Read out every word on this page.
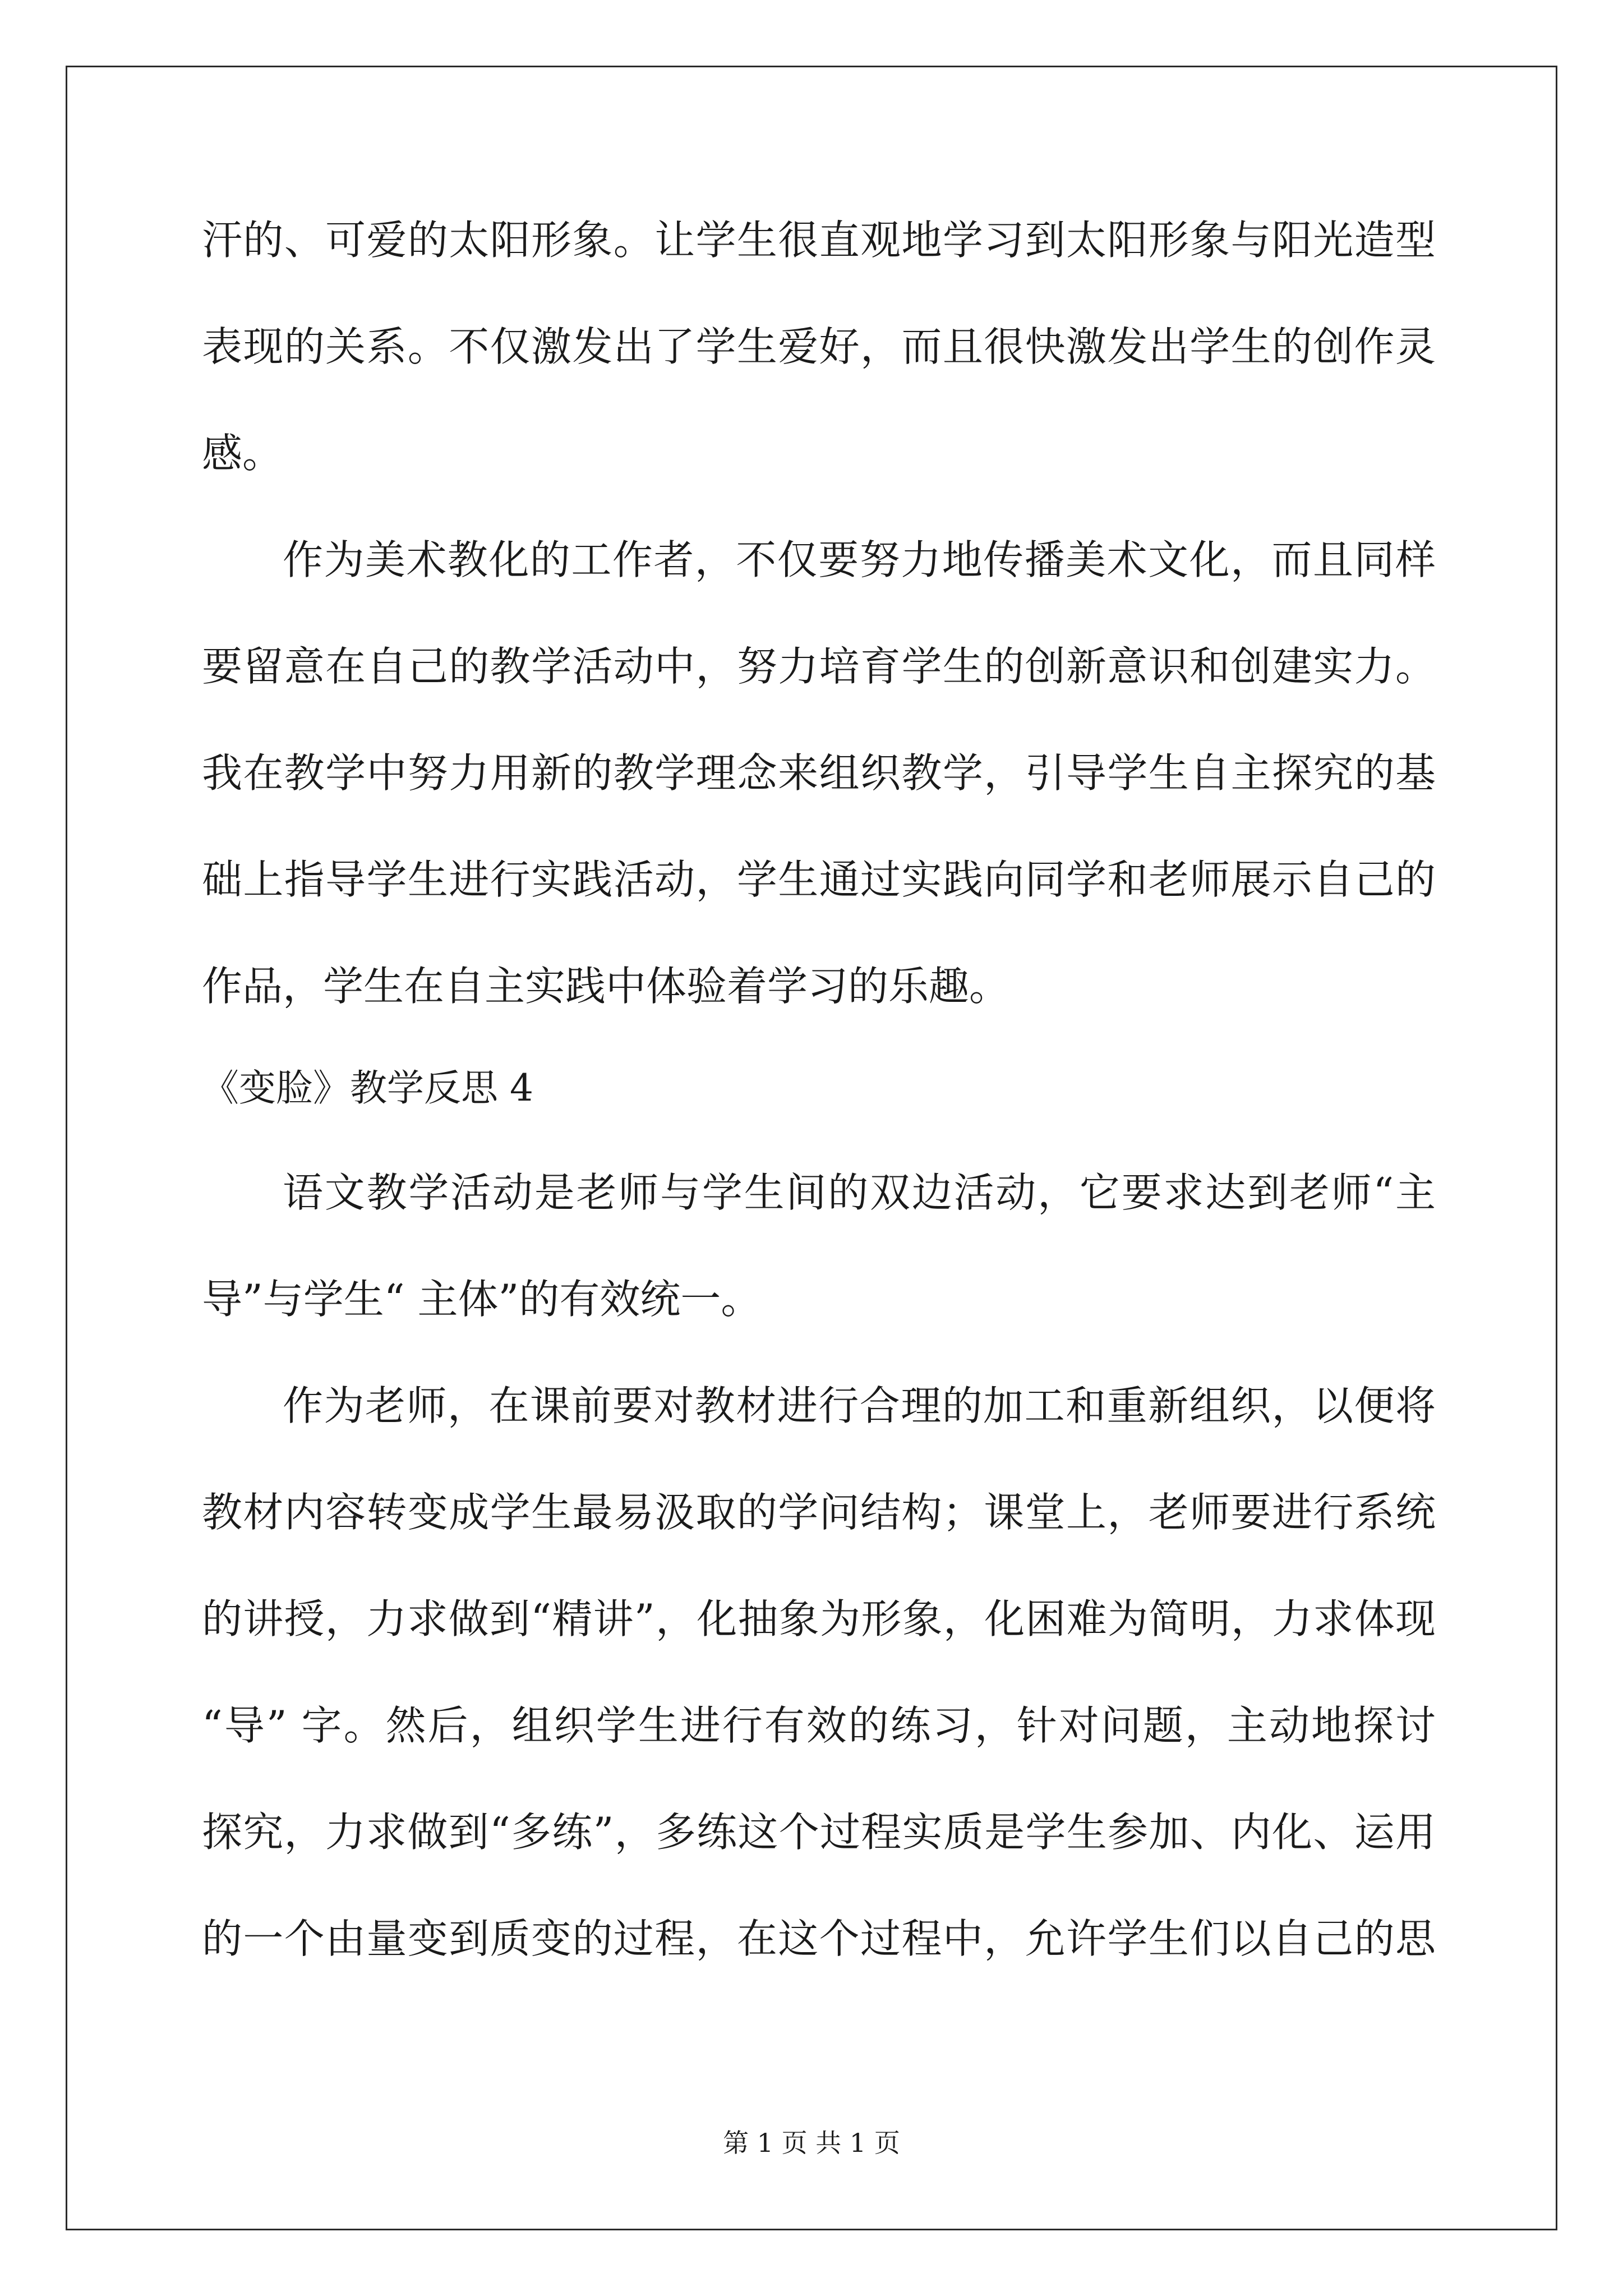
汗的、可爱的太阳形象。让学生很直观地学习到太阳形象与阳光造型
表现的关系。不仅激发出了学生爱好，而且很快激发出学生的创作灵
感。
作为美术教化的工作者，不仅要努力地传播美术文化，而且同样
要留意在自己的教学活动中，努力培育学生的创新意识和创建实力。
我在教学中努力用新的教学理念来组织教学，引导学生自主探究的基
础上指导学生进行实践活动，学生通过实践向同学和老师展示自己的
作品，学生在自主实践中体验着学习的乐趣。
《变脸》教学反思 4
语文教学活动是老师与学生间的双边活动，它要求达到老师“主
导”与学生“ 主体”的有效统一。
作为老师，在课前要对教材进行合理的加工和重新组织，以便将
教材内容转变成学生最易汲取的学问结构；课堂上，老师要进行系统
的讲授，力求做到“精讲”，化抽象为形象，化困难为简明，力求体现
“导” 字。然后，组织学生进行有效的练习，针对问题，主动地探讨
探究，力求做到“多练”，多练这个过程实质是学生参加、内化、运用
的一个由量变到质变的过程，在这个过程中，允许学生们以自己的思
第 1 页 共 1 页
